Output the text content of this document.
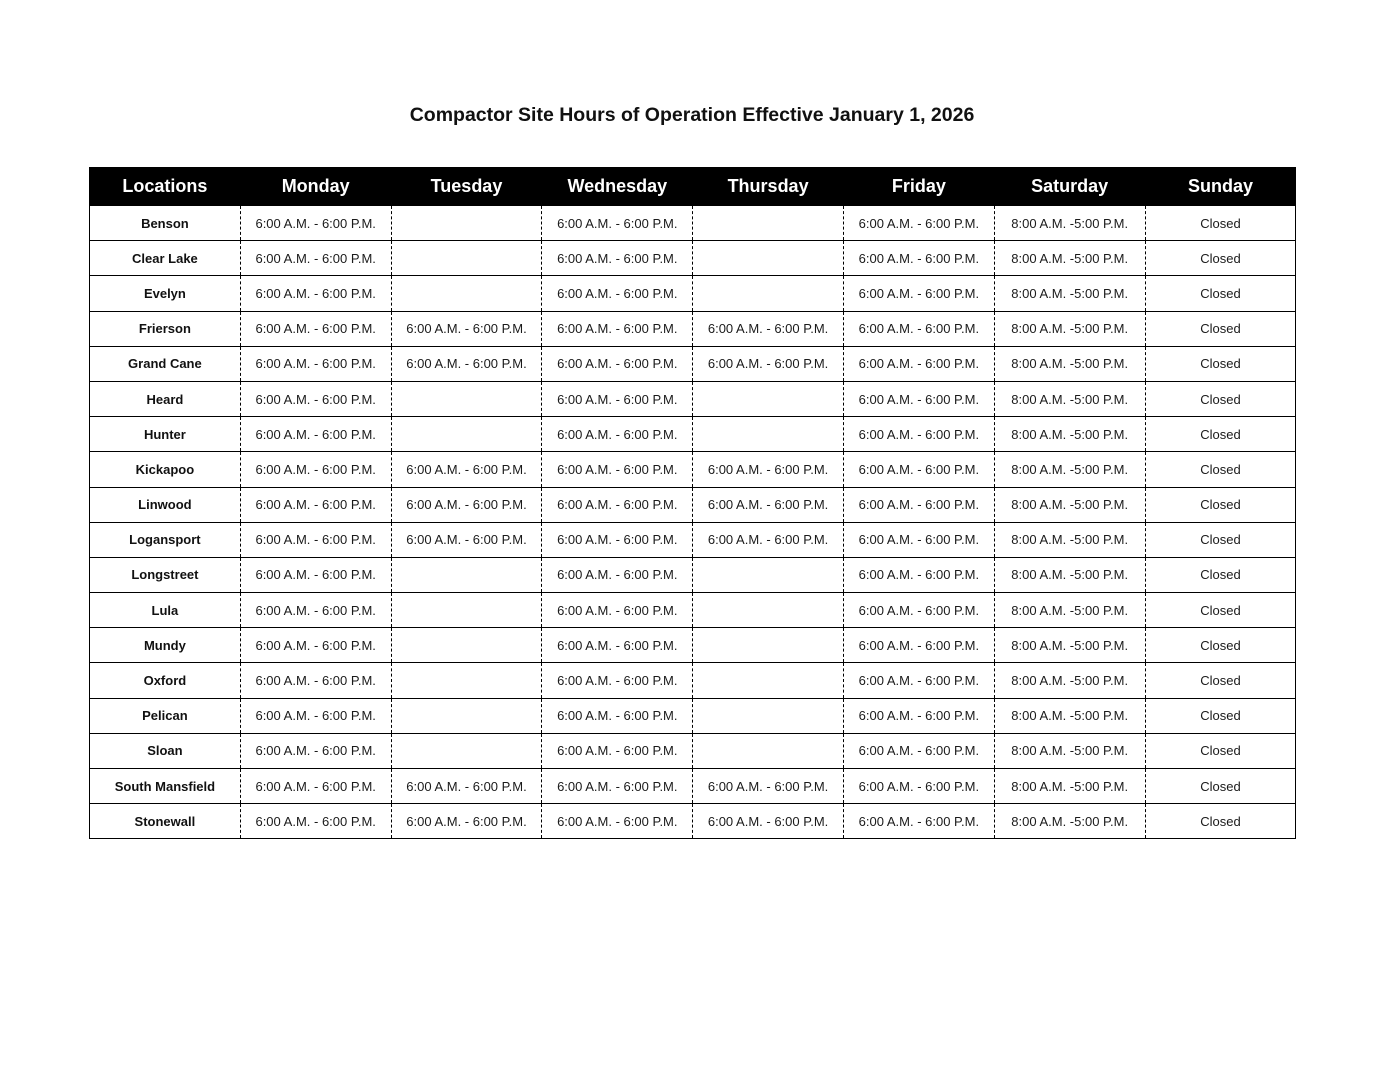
Compactor Site Hours of Operation Effective January 1, 2026
Locations	Monday	Tuesday	Wednesday	Thursday	Friday	Saturday	Sunday
Benson	6:00 A.M. - 6:00 P.M.		6:00 A.M. - 6:00 P.M.		6:00 A.M. - 6:00 P.M.	8:00 A.M. -5:00 P.M.	Closed
Clear Lake	6:00 A.M. - 6:00 P.M.		6:00 A.M. - 6:00 P.M.		6:00 A.M. - 6:00 P.M.	8:00 A.M. -5:00 P.M.	Closed
Evelyn	6:00 A.M. - 6:00 P.M.		6:00 A.M. - 6:00 P.M.		6:00 A.M. - 6:00 P.M.	8:00 A.M. -5:00 P.M.	Closed
Frierson	6:00 A.M. - 6:00 P.M.	6:00 A.M. - 6:00 P.M.	6:00 A.M. - 6:00 P.M.	6:00 A.M. - 6:00 P.M.	6:00 A.M. - 6:00 P.M.	8:00 A.M. -5:00 P.M.	Closed
Grand Cane	6:00 A.M. - 6:00 P.M.	6:00 A.M. - 6:00 P.M.	6:00 A.M. - 6:00 P.M.	6:00 A.M. - 6:00 P.M.	6:00 A.M. - 6:00 P.M.	8:00 A.M. -5:00 P.M.	Closed
Heard	6:00 A.M. - 6:00 P.M.		6:00 A.M. - 6:00 P.M.		6:00 A.M. - 6:00 P.M.	8:00 A.M. -5:00 P.M.	Closed
Hunter	6:00 A.M. - 6:00 P.M.		6:00 A.M. - 6:00 P.M.		6:00 A.M. - 6:00 P.M.	8:00 A.M. -5:00 P.M.	Closed
Kickapoo	6:00 A.M. - 6:00 P.M.	6:00 A.M. - 6:00 P.M.	6:00 A.M. - 6:00 P.M.	6:00 A.M. - 6:00 P.M.	6:00 A.M. - 6:00 P.M.	8:00 A.M. -5:00 P.M.	Closed
Linwood	6:00 A.M. - 6:00 P.M.	6:00 A.M. - 6:00 P.M.	6:00 A.M. - 6:00 P.M.	6:00 A.M. - 6:00 P.M.	6:00 A.M. - 6:00 P.M.	8:00 A.M. -5:00 P.M.	Closed
Logansport	6:00 A.M. - 6:00 P.M.	6:00 A.M. - 6:00 P.M.	6:00 A.M. - 6:00 P.M.	6:00 A.M. - 6:00 P.M.	6:00 A.M. - 6:00 P.M.	8:00 A.M. -5:00 P.M.	Closed
Longstreet	6:00 A.M. - 6:00 P.M.		6:00 A.M. - 6:00 P.M.		6:00 A.M. - 6:00 P.M.	8:00 A.M. -5:00 P.M.	Closed
Lula	6:00 A.M. - 6:00 P.M.		6:00 A.M. - 6:00 P.M.		6:00 A.M. - 6:00 P.M.	8:00 A.M. -5:00 P.M.	Closed
Mundy	6:00 A.M. - 6:00 P.M.		6:00 A.M. - 6:00 P.M.		6:00 A.M. - 6:00 P.M.	8:00 A.M. -5:00 P.M.	Closed
Oxford	6:00 A.M. - 6:00 P.M.		6:00 A.M. - 6:00 P.M.		6:00 A.M. - 6:00 P.M.	8:00 A.M. -5:00 P.M.	Closed
Pelican	6:00 A.M. - 6:00 P.M.		6:00 A.M. - 6:00 P.M.		6:00 A.M. - 6:00 P.M.	8:00 A.M. -5:00 P.M.	Closed
Sloan	6:00 A.M. - 6:00 P.M.		6:00 A.M. - 6:00 P.M.		6:00 A.M. - 6:00 P.M.	8:00 A.M. -5:00 P.M.	Closed
South Mansfield	6:00 A.M. - 6:00 P.M.	6:00 A.M. - 6:00 P.M.	6:00 A.M. - 6:00 P.M.	6:00 A.M. - 6:00 P.M.	6:00 A.M. - 6:00 P.M.	8:00 A.M. -5:00 P.M.	Closed
Stonewall	6:00 A.M. - 6:00 P.M.	6:00 A.M. - 6:00 P.M.	6:00 A.M. - 6:00 P.M.	6:00 A.M. - 6:00 P.M.	6:00 A.M. - 6:00 P.M.	8:00 A.M. -5:00 P.M.	Closed
